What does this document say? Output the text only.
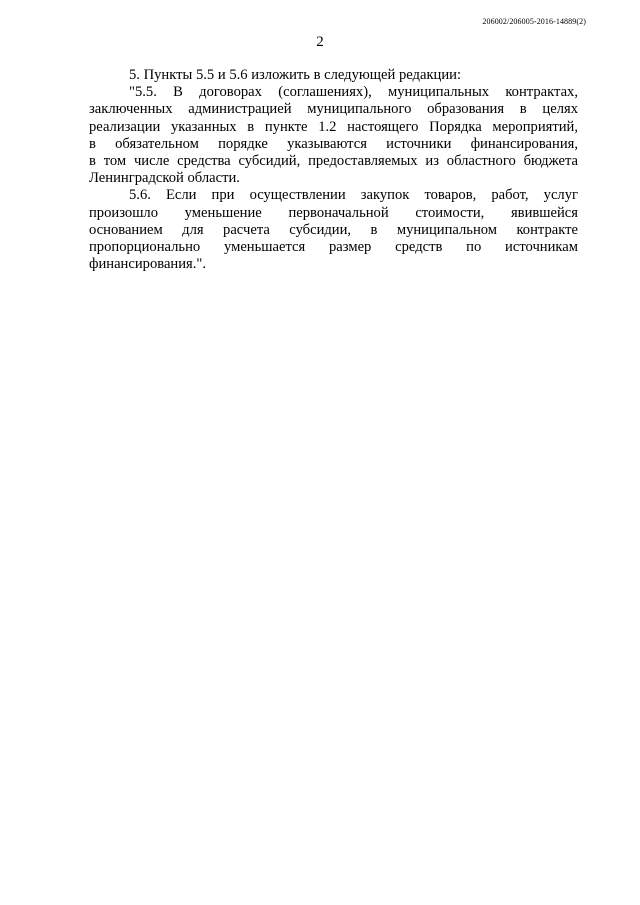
206002/206005-2016-14889(2)
2
5. Пункты 5.5 и 5.6 изложить в следующей редакции:
"5.5. В договорах (соглашениях), муниципальных контрактах,
заключенных администрацией муниципального образования в целях
реализации указанных в пункте 1.2 настоящего Порядка мероприятий,
в обязательном порядке указываются источники финансирования,
в том числе средства субсидий, предоставляемых из областного бюджета
Ленинградской области.
5.6. Если при осуществлении закупок товаров, работ, услуг
произошло уменьшение первоначальной стоимости, явившейся
основанием для расчета субсидии, в муниципальном контракте
пропорционально уменьшается размер средств по источникам
финансирования.".
